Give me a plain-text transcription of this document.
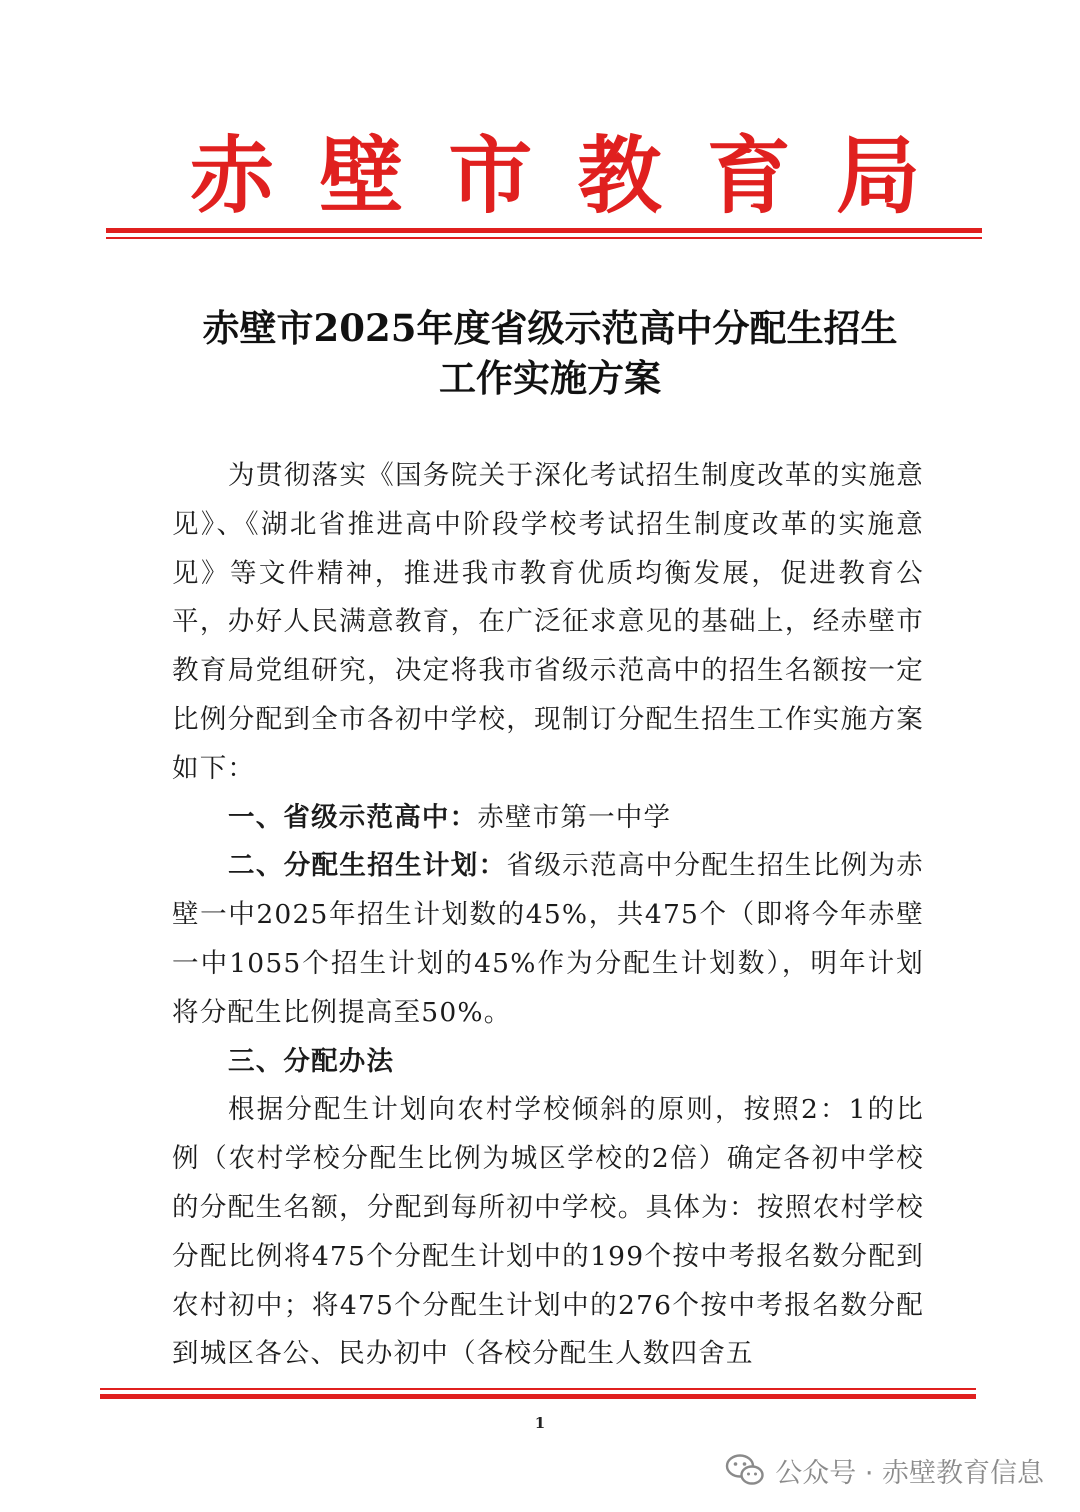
赤 壁 市 教 育 局
赤壁市2025年度省级示范高中分配生招生
工作实施方案

为贯彻落实《国务院关于深化考试招生制度改革的实施意见》、《湖北省推进高中阶段学校考试招生制度改革的实施意见》等文件精神，推进我市教育优质均衡发展，促进教育公平，办好人民满意教育，在广泛征求意见的基础上，经赤壁市教育局党组研究，决定将我市省级示范高中的招生名额按一定比例分配到全市各初中学校，现制订分配生招生工作实施方案如下：

一、省级示范高中：赤壁市第一中学

二、分配生招生计划：省级示范高中分配生招生比例为赤壁一中2025年招生计划数的45%，共475个（即将今年赤壁一中1055个招生计划的45%作为分配生计划数），明年计划将分配生比例提高至50%。

三、分配办法

根据分配生计划向农村学校倾斜的原则，按照2：1的比例（农村学校分配生比例为城区学校的2倍）确定各初中学校的分配生名额，分配到每所初中学校。具体为：按照农村学校分配比例将475个分配生计划中的199个按中考报名数分配到农村初中；将475个分配生计划中的276个按中考报名数分配到城区各公、民办初中（各校分配生人数四舍五

1
公众号 · 赤壁教育信息
